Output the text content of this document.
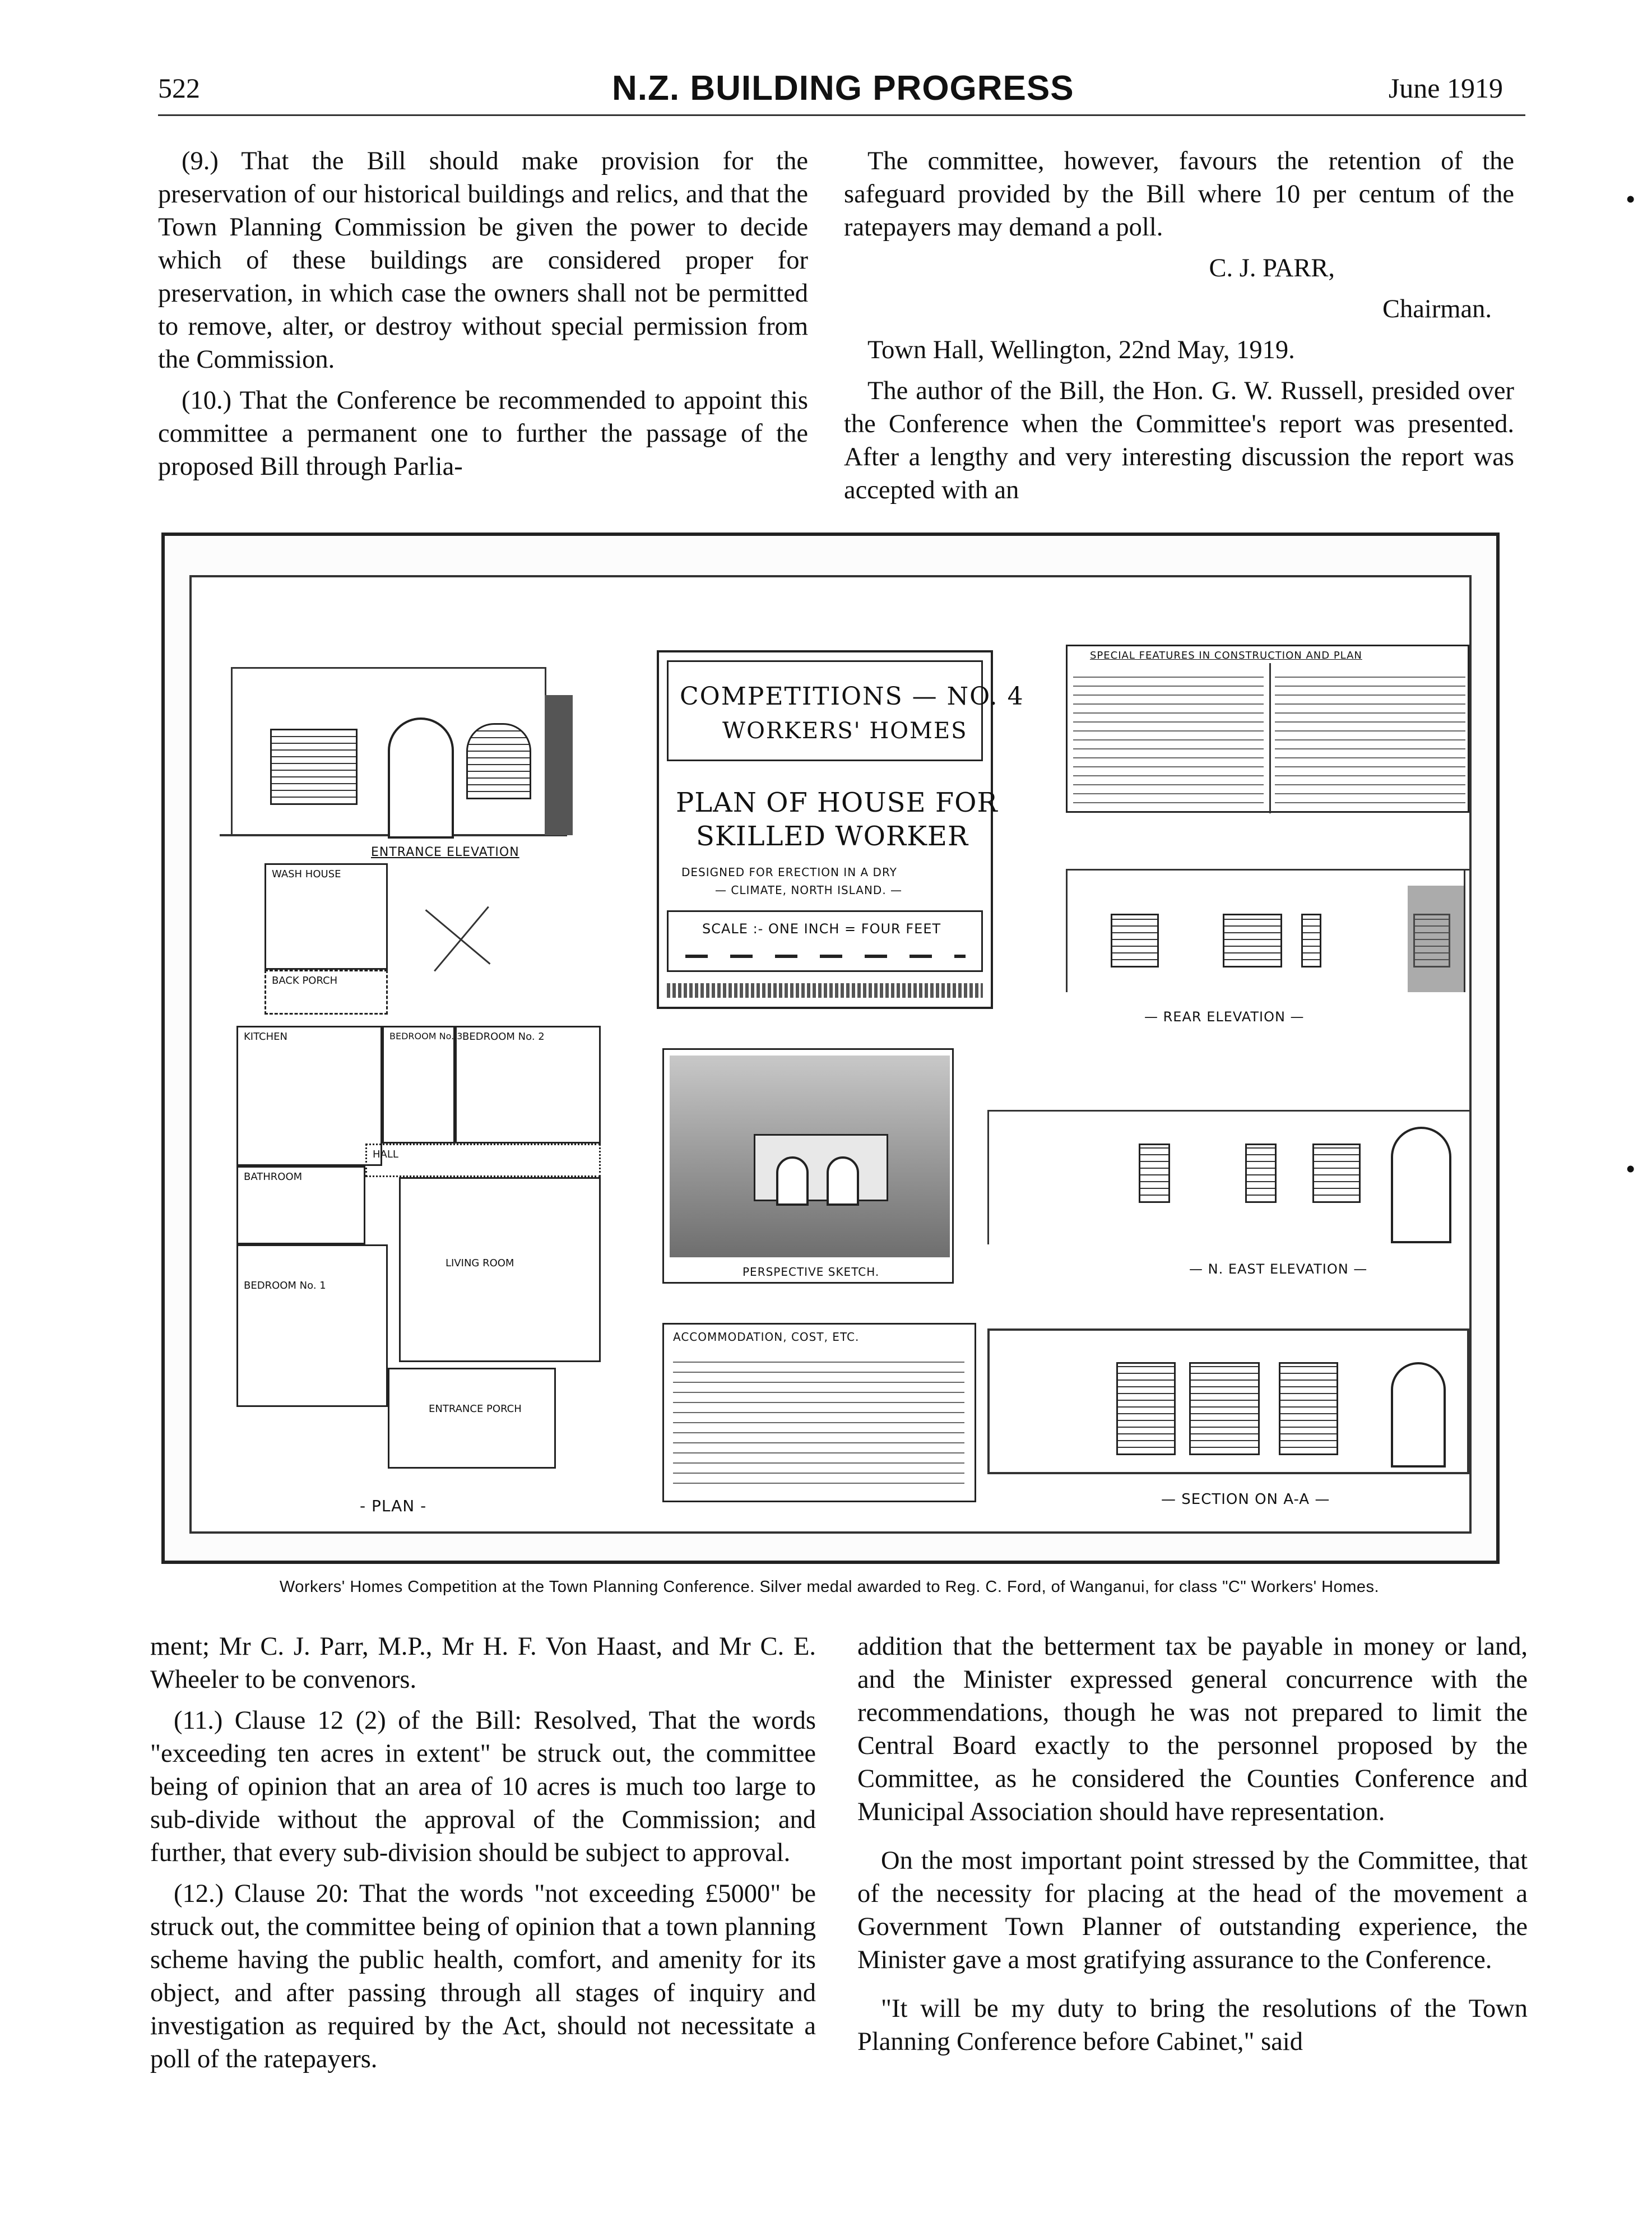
522	N.Z. BUILDING PROGRESS	June 1919

(9.) That the Bill should make provision for the preservation of our historical buildings and relics, and that the Town Planning Commission be given the power to decide which of these buildings are considered proper for preservation, in which case the owners shall not be permitted to remove, alter, or destroy without special permission from the Commission.

(10.) That the Conference be recommended to appoint this committee a permanent one to further the passage of the proposed Bill through Parlia-

The committee, however, favours the retention of the safeguard provided by the Bill where 10 per centum of the ratepayers may demand a poll.

C. J. PARR,

Chairman.

Town Hall, Wellington, 22nd May, 1919.

The author of the Bill, the Hon. G. W. Russell, presided over the Conference when the Committee's report was presented. After a lengthy and very interesting discussion the report was accepted with an

ENTRANCE ELEVATION
COMPETITIONS — NO. 4
WORKERS' HOMES
PLAN OF HOUSE FOR
SKILLED WORKER
DESIGNED FOR ERECTION IN A DRY
— CLIMATE, NORTH ISLAND. —
SCALE :- ONE INCH = FOUR FEET
SPECIAL FEATURES IN CONSTRUCTION AND PLAN
— REAR ELEVATION —
WASH HOUSE
BACK PORCH
KITCHEN	BEDROOM No. 3 BEDROOM No. 2
BATHROOM
HALL
BEDROOM No. 1
LIVING ROOM
ENTRANCE PORCH
- PLAN -
PERSPECTIVE SKETCH.
ACCOMMODATION, COST, ETC.
— N. EAST ELEVATION —
— SECTION ON A-A —
Workers' Homes Competition at the Town Planning Conference. Silver medal awarded to Reg. C. Ford, of Wanganui, for class "C" Workers' Homes.

ment; Mr C. J. Parr, M.P., Mr H. F. Von Haast, and Mr C. E. Wheeler to be convenors.

(11.) Clause 12 (2) of the Bill: Resolved, That the words "exceeding ten acres in extent" be struck out, the committee being of opinion that an area of 10 acres is much too large to sub-divide without the approval of the Commission; and further, that every sub-division should be subject to approval.

(12.) Clause 20: That the words "not exceeding £5000" be struck out, the committee being of opinion that a town planning scheme having the public health, comfort, and amenity for its object, and after passing through all stages of inquiry and investigation as required by the Act, should not necessitate a poll of the ratepayers.

addition that the betterment tax be payable in money or land, and the Minister expressed general concurrence with the recommendations, though he was not prepared to limit the Central Board exactly to the personnel proposed by the Committee, as he considered the Counties Conference and Municipal Association should have representation.

On the most important point stressed by the Committee, that of the necessity for placing at the head of the movement a Government Town Planner of outstanding experience, the Minister gave a most gratifying assurance to the Conference.

"It will be my duty to bring the resolutions of the Town Planning Conference before Cabinet," said

•
•
